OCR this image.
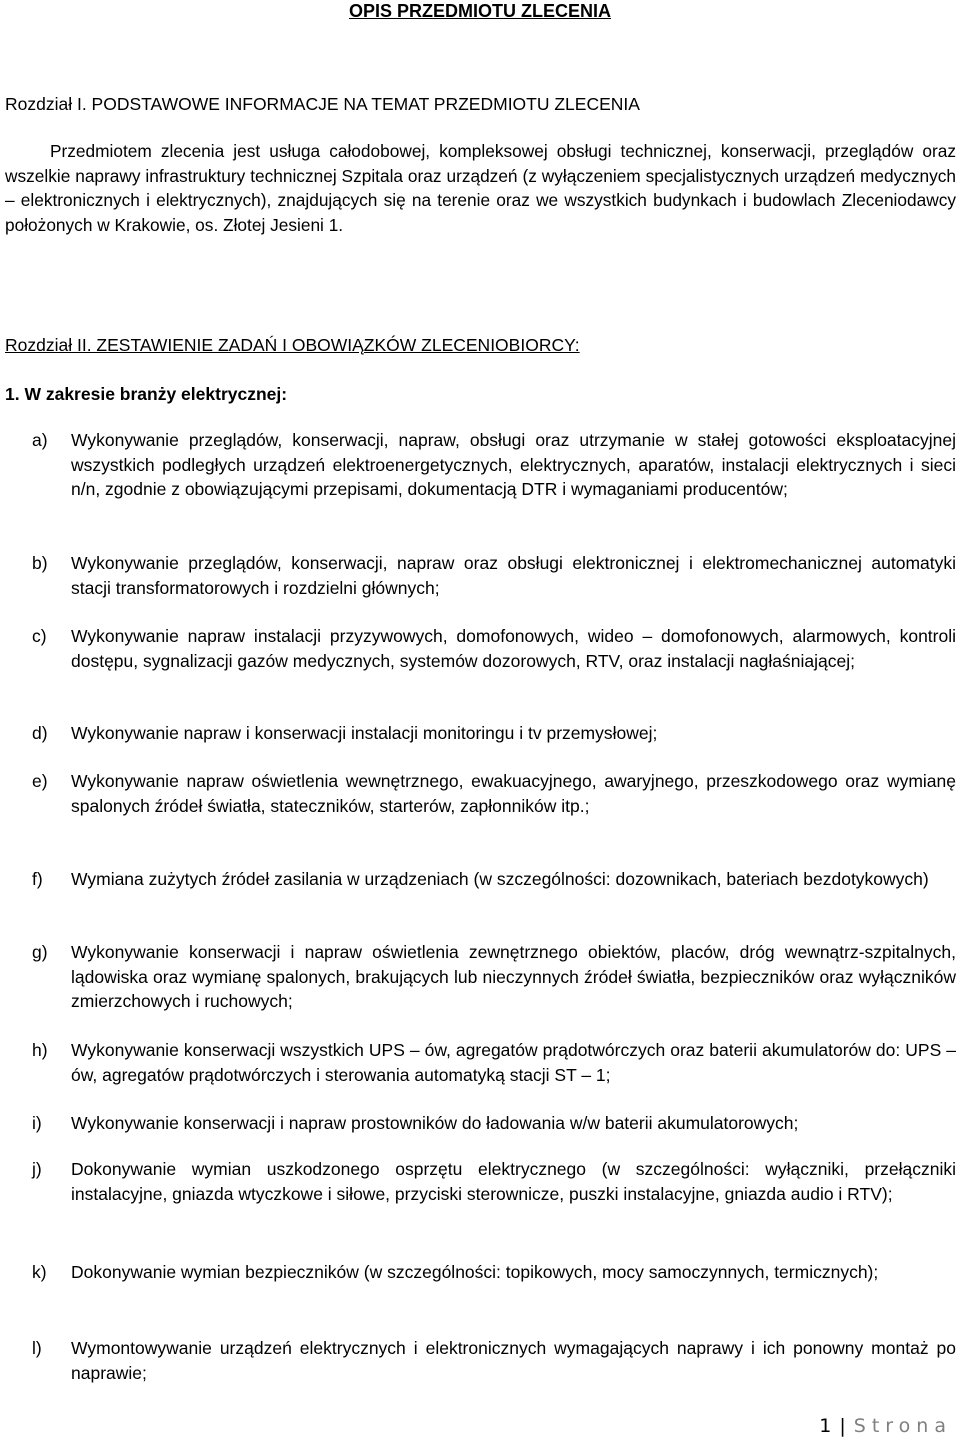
OPIS PRZEDMIOTU ZLECENIA
Rozdział I. PODSTAWOWE INFORMACJE NA TEMAT PRZEDMIOTU ZLECENIA
Przedmiotem zlecenia jest usługa całodobowej, kompleksowej obsługi technicznej, konserwacji, przeglądów oraz wszelkie naprawy infrastruktury technicznej Szpitala oraz urządzeń (z wyłączeniem specjalistycznych urządzeń medycznych – elektronicznych i elektrycznych), znajdujących się na terenie oraz we wszystkich budynkach i budowlach Zleceniodawcy położonych w Krakowie, os. Złotej Jesieni 1.
Rozdział II. ZESTAWIENIE ZADAŃ I OBOWIĄZKÓW ZLECENIOBIORCY:
1. W zakresie branży elektrycznej:
a)	Wykonywanie przeglądów, konserwacji, napraw, obsługi oraz utrzymanie w stałej gotowości eksploatacyjnej wszystkich podległych urządzeń elektroenergetycznych, elektrycznych, aparatów, instalacji elektrycznych i sieci n/n, zgodnie z obowiązującymi przepisami, dokumentacją DTR i wymaganiami producentów;
b)	Wykonywanie przeglądów, konserwacji, napraw oraz obsługi elektronicznej i elektromechanicznej automatyki stacji transformatorowych i rozdzielni głównych;
c)	Wykonywanie napraw instalacji przyzywowych, domofonowych, wideo – domofonowych, alarmowych, kontroli dostępu, sygnalizacji gazów medycznych, systemów dozorowych, RTV, oraz instalacji nagłaśniającej;
d)	Wykonywanie napraw i konserwacji instalacji monitoringu i tv przemysłowej;
e)	Wykonywanie napraw oświetlenia wewnętrznego, ewakuacyjnego, awaryjnego, przeszkodowego oraz wymianę spalonych źródeł światła, stateczników, starterów, zapłonników itp.;
f)	Wymiana zużytych źródeł zasilania w urządzeniach (w szczególności: dozownikach, bateriach bezdotykowych)
g)	Wykonywanie konserwacji i napraw oświetlenia zewnętrznego obiektów, placów, dróg wewnątrz-szpitalnych, lądowiska oraz wymianę spalonych, brakujących lub nieczynnych źródeł światła, bezpieczników oraz wyłączników zmierzchowych i ruchowych;
h)	Wykonywanie konserwacji wszystkich UPS – ów, agregatów prądotwórczych oraz baterii akumulatorów do: UPS – ów, agregatów prądotwórczych i sterowania automatyką stacji ST – 1;
i)	Wykonywanie konserwacji i napraw prostowników do ładowania w/w baterii akumulatorowych;
j)	Dokonywanie wymian uszkodzonego osprzętu elektrycznego (w szczególności: wyłączniki, przełączniki instalacyjne, gniazda wtyczkowe i siłowe, przyciski sterownicze, puszki instalacyjne, gniazda audio i RTV);
k)	Dokonywanie wymian bezpieczników (w szczególności: topikowych, mocy samoczynnych, termicznych);
l)	Wymontowywanie urządzeń elektrycznych i elektronicznych wymagających naprawy i ich ponowny montaż po naprawie;
1 | Strona
